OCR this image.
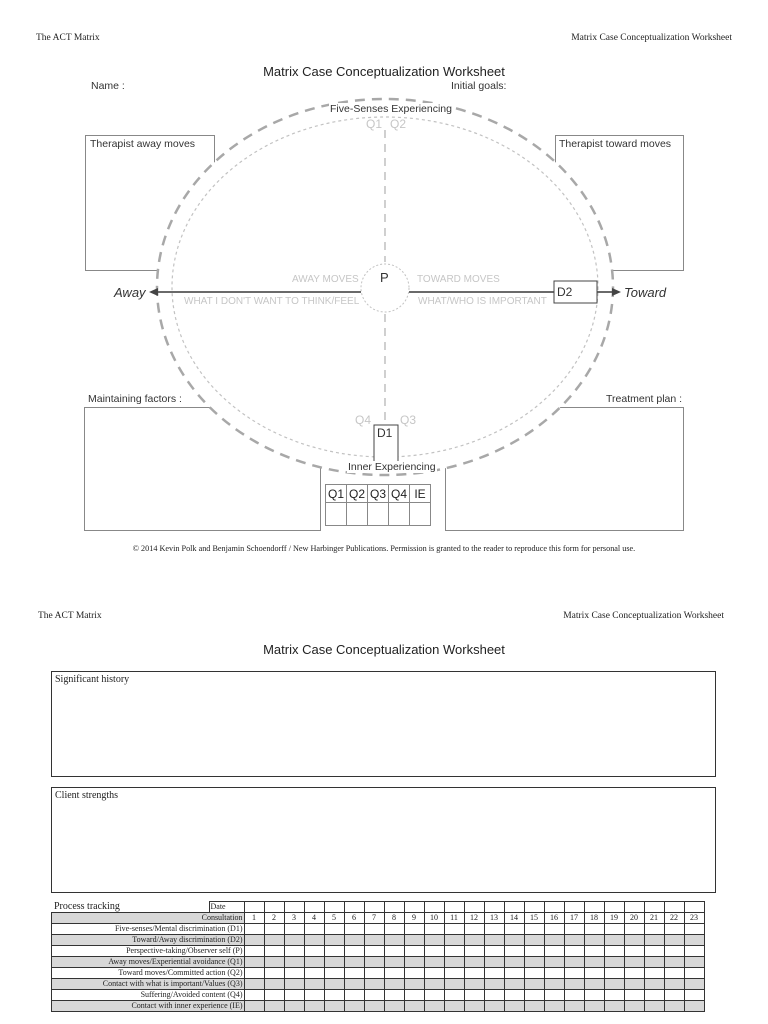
The ACT Matrix	Matrix Case Conceptualization Worksheet
Matrix Case Conceptualization Worksheet
Name :	Initial goals:
Five-Senses Experiencing
Q1 Q2
Therapist away moves	Therapist toward moves
P
AWAY MOVES	TOWARD MOVES
WHAT I DON'T WANT TO THINK/FEEL	WHAT/WHO IS IMPORTANT
Away	Toward
D2
D1
Q4 Q3
Maintaining factors :	Treatment plan :
Inner Experiencing
Q1	Q2	Q3	Q4	IE

© 2014 Kevin Polk and Benjamin Schoendorff / New Harbinger Publications. Permission is granted to the reader to reproduce this form for personal use.
The ACT Matrix	Matrix Case Conceptualization Worksheet
Matrix Case Conceptualization Worksheet
Significant history
Client strengths
Process tracking
		Date																							
Consultation		1	2	3	4	5	6	7	8	9	10	11	12	13	14	15	16	17	18	19	20	21	22	23
Five-senses/Mental discrimination (D1)																								
Toward/Away discrimination (D2)																								
Perspective-taking/Observer self (P)																								
Away moves/Experiential avoidance (Q1)																								
Toward moves/Committed action (Q2)																								
Contact with what is important/Values (Q3)																								
Suffering/Avoided content (Q4)																								
Contact with inner experience (IE)																								
